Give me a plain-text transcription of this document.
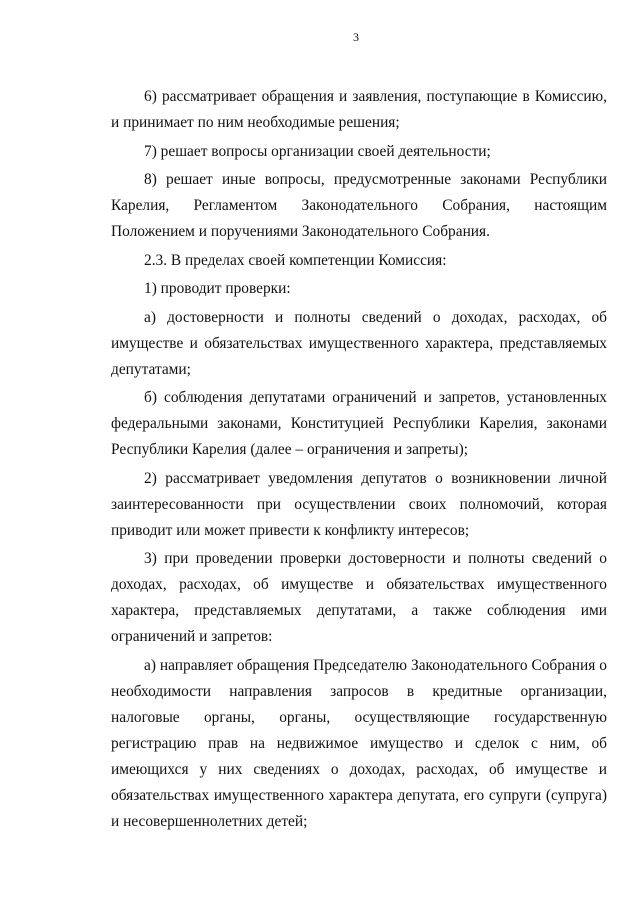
3

6) рассматривает обращения и заявления, поступающие в Комиссию, и принимает по ним необходимые решения;

7) решает вопросы организации своей деятельности;

8) решает иные вопросы, предусмотренные законами Республики Карелия, Регламентом Законодательного Собрания, настоящим Положением и поручениями Законодательного Собрания.

2.3. В пределах своей компетенции Комиссия:

1) проводит проверки:

а) достоверности и полноты сведений о доходах, расходах, об имуществе и обязательствах имущественного характера, представляемых депутатами;

б) соблюдения депутатами ограничений и запретов, установленных федеральными законами, Конституцией Республики Карелия, законами Республики Карелия (далее – ограничения и запреты);

2) рассматривает уведомления депутатов о возникновении личной заинтересованности при осуществлении своих полномочий, которая приводит или может привести к конфликту интересов;

3) при проведении проверки достоверности и полноты сведений о доходах, расходах, об имуществе и обязательствах имущественного характера, представляемых депутатами, а также соблюдения ими ограничений и запретов:

а) направляет обращения Председателю Законодательного Собрания о необходимости направления запросов в кредитные организации, налоговые органы, органы, осуществляющие государственную регистрацию прав на недвижимое имущество и сделок с ним, об имеющихся у них сведениях о доходах, расходах, об имуществе и обязательствах имущественного характера депутата, его супруги (супруга) и несовершеннолетних детей;
